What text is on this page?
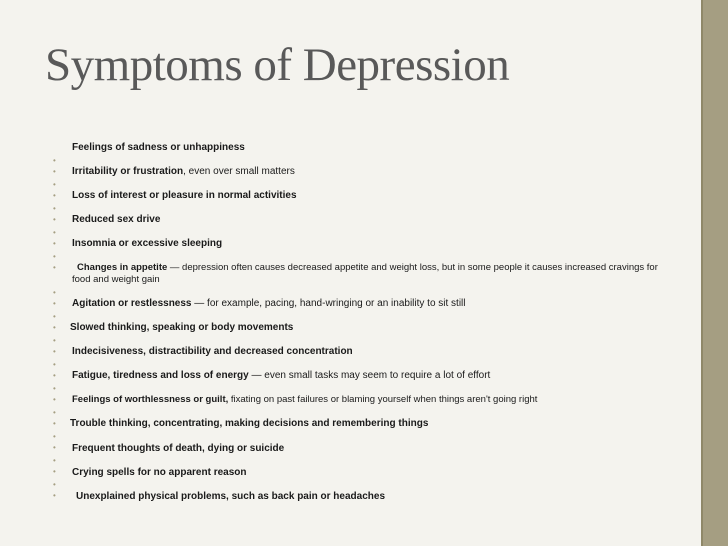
Symptoms of Depression
•
•
•
•
•
•
•
•
•
•
•
•
•
•
•
•
•
•
•
•
•
•
•
•
•
•
•
•
Feelings of sadness or unhappiness
Irritability or frustration, even over small matters
Loss of interest or pleasure in normal activities
Reduced sex drive
Insomnia or excessive sleeping
Changes in appetite — depression often causes decreased appetite and weight loss, but in some people it causes increased cravings for food and weight gain
Agitation or restlessness — for example, pacing, hand-wringing or an inability to sit still
Slowed thinking, speaking or body movements
Indecisiveness, distractibility and decreased concentration
Fatigue, tiredness and loss of energy — even small tasks may seem to require a lot of effort
Feelings of worthlessness or guilt, fixating on past failures or blaming yourself when things aren't going right
Trouble thinking, concentrating, making decisions and remembering things
Frequent thoughts of death, dying or suicide
Crying spells for no apparent reason
Unexplained physical problems, such as back pain or headaches
